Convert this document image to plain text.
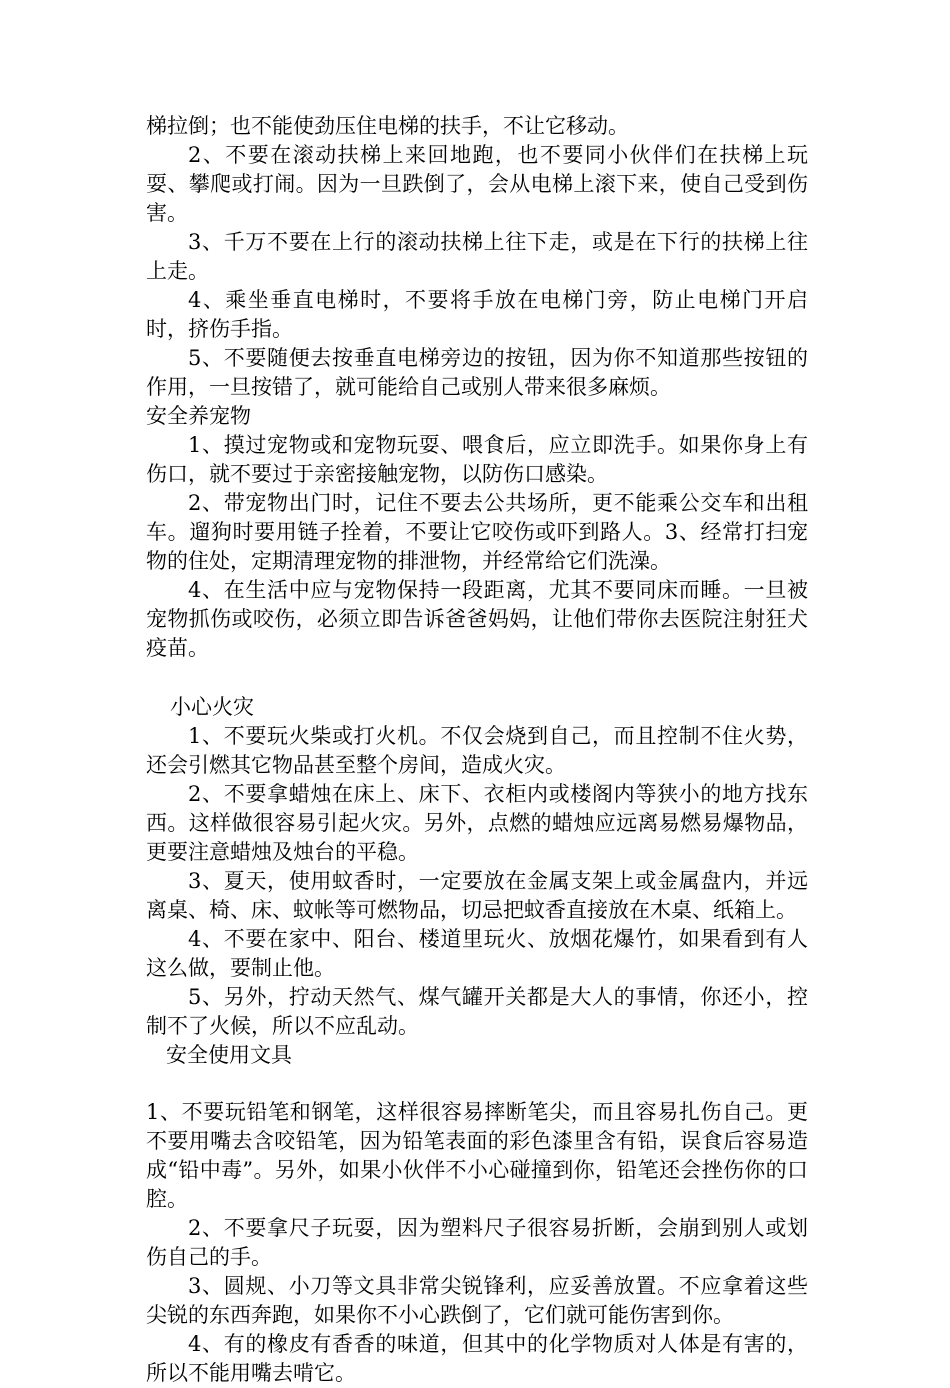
梯拉倒；也不能使劲压住电梯的扶手，不让它移动。

2、不要在滚动扶梯上来回地跑，也不要同小伙伴们在扶梯上玩耍、攀爬或打闹。因为一旦跌倒了，会从电梯上滚下来，使自己受到伤害。

3、千万不要在上行的滚动扶梯上往下走，或是在下行的扶梯上往上走。

4、乘坐垂直电梯时，不要将手放在电梯门旁，防止电梯门开启时，挤伤手指。

5、不要随便去按垂直电梯旁边的按钮，因为你不知道那些按钮的作用，一旦按错了，就可能给自己或别人带来很多麻烦。

安全养宠物

1、摸过宠物或和宠物玩耍、喂食后，应立即洗手。如果你身上有伤口，就不要过于亲密接触宠物，以防伤口感染。

2、带宠物出门时，记住不要去公共场所，更不能乘公交车和出租车。遛狗时要用链子拴着，不要让它咬伤或吓到路人。3、经常打扫宠物的住处，定期清理宠物的排泄物，并经常给它们洗澡。

4、在生活中应与宠物保持一段距离，尤其不要同床而睡。一旦被宠物抓伤或咬伤，必须立即告诉爸爸妈妈，让他们带你去医院注射狂犬疫苗。

小心火灾

1、不要玩火柴或打火机。不仅会烧到自己，而且控制不住火势，还会引燃其它物品甚至整个房间，造成火灾。

2、不要拿蜡烛在床上、床下、衣柜内或楼阁内等狭小的地方找东西。这样做很容易引起火灾。另外，点燃的蜡烛应远离易燃易爆物品，更要注意蜡烛及烛台的平稳。

3、夏天，使用蚊香时，一定要放在金属支架上或金属盘内，并远离桌、椅、床、蚊帐等可燃物品，切忌把蚊香直接放在木桌、纸箱上。

4、不要在家中、阳台、楼道里玩火、放烟花爆竹，如果看到有人这么做，要制止他。

5、另外，拧动天然气、煤气罐开关都是大人的事情，你还小，控制不了火候，所以不应乱动。

安全使用文具

1、不要玩铅笔和钢笔，这样很容易摔断笔尖，而且容易扎伤自己。更不要用嘴去含咬铅笔，因为铅笔表面的彩色漆里含有铅，误食后容易造成“铅中毒”。另外，如果小伙伴不小心碰撞到你，铅笔还会挫伤你的口腔。

2、不要拿尺子玩耍，因为塑料尺子很容易折断，会崩到别人或划伤自己的手。

3、圆规、小刀等文具非常尖锐锋利，应妥善放置。不应拿着这些尖锐的东西奔跑，如果你不小心跌倒了，它们就可能伤害到你。

4、有的橡皮有香香的味道，但其中的化学物质对人体是有害的，所以不能用嘴去啃它。
